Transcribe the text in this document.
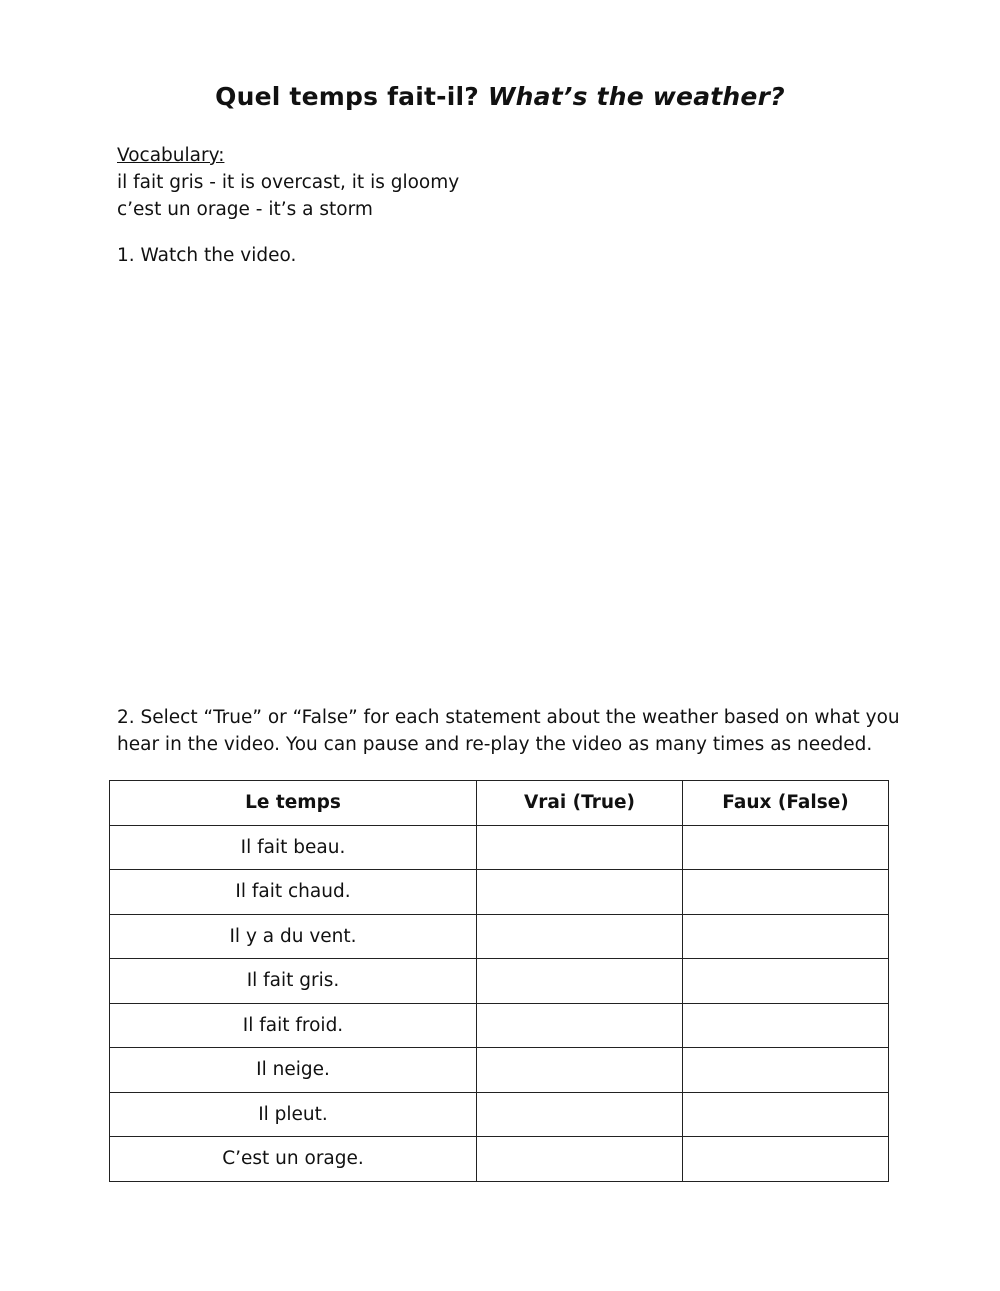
Quel temps fait-il? What’s the weather?
Vocabulary:
il fait gris - it is overcast, it is gloomy
c’est un orage - it’s a storm
1. Watch the video.
2. Select “True” or “False” for each statement about the weather based on what you hear in the video. You can pause and re-play the video as many times as needed.
Le temps	Vrai (True)	Faux (False)
Il fait beau.		
Il fait chaud.		
Il y a du vent.		
Il fait gris.		
Il fait froid.		
Il neige.		
Il pleut.		
C’est un orage.		
